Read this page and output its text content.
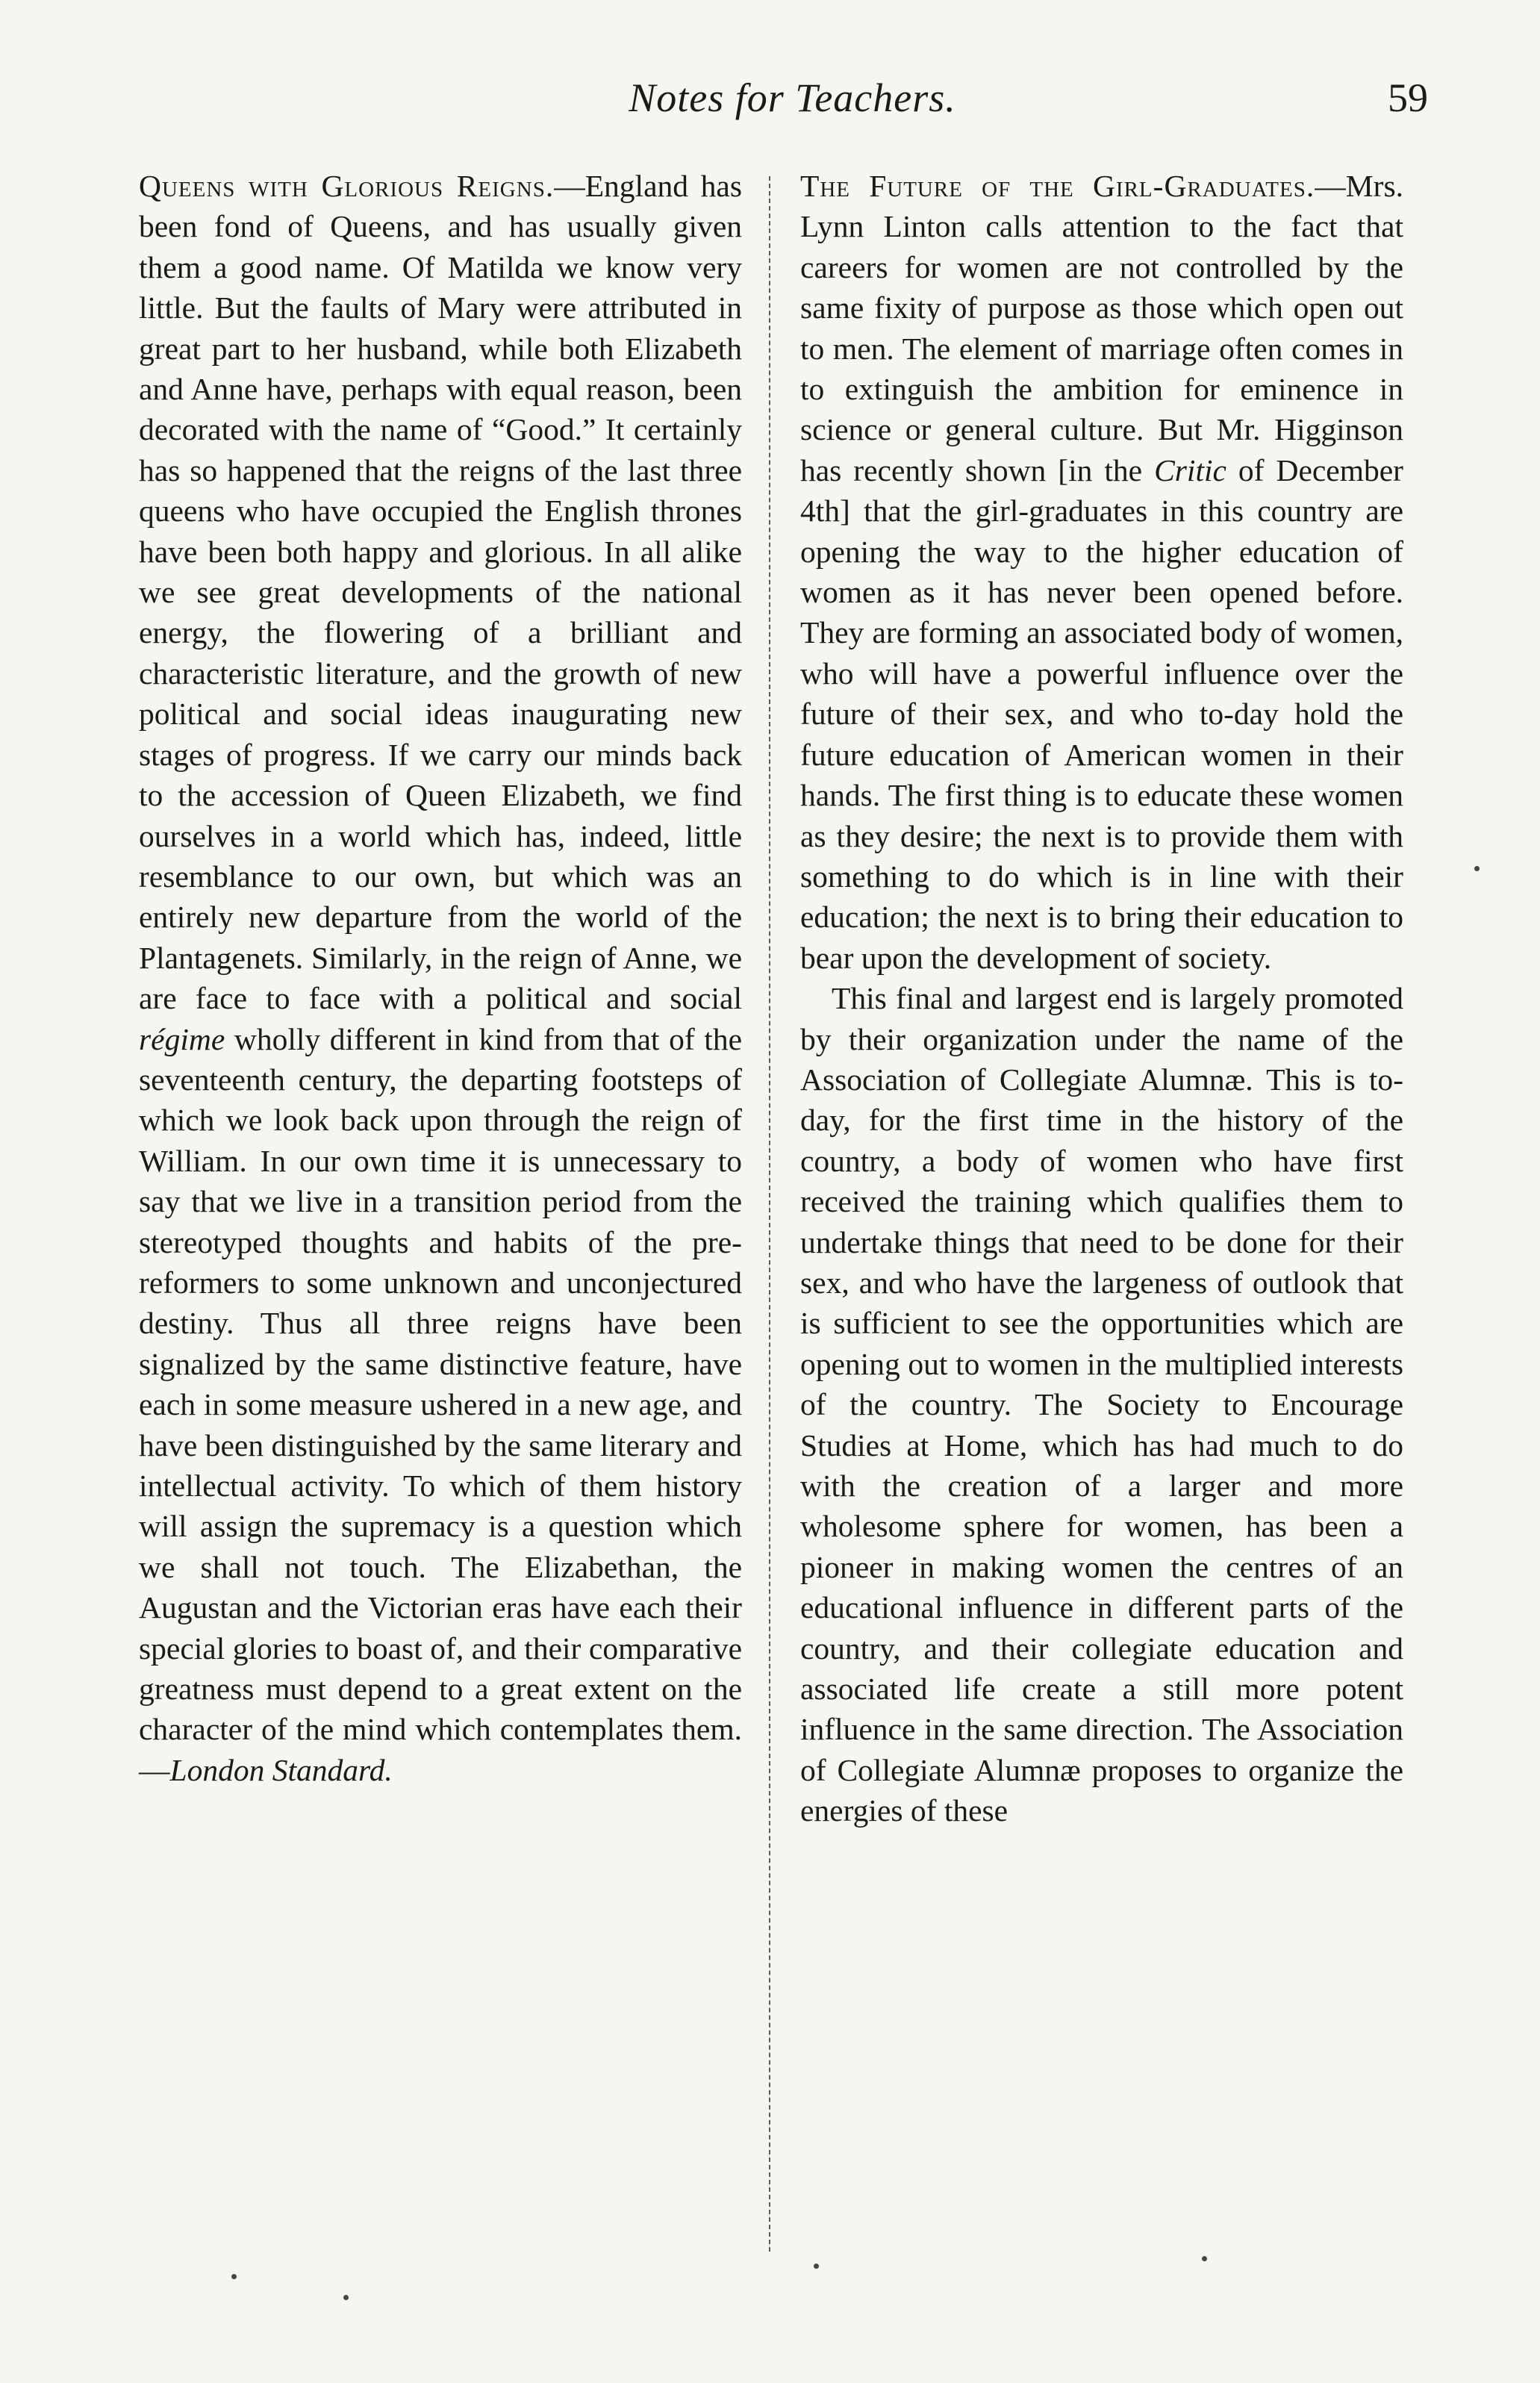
Notes for Teachers.	59

Queens with Glorious Reigns.—England has been fond of Queens, and has usually given them a good name. Of Matilda we know very little. But the faults of Mary were attributed in great part to her husband, while both Elizabeth and Anne have, perhaps with equal reason, been decorated with the name of “Good.” It certainly has so happened that the reigns of the last three queens who have occupied the English thrones have been both happy and glorious. In all alike we see great developments of the national energy, the flowering of a brilliant and characteristic literature, and the growth of new political and social ideas inaugurating new stages of progress. If we carry our minds back to the accession of Queen Elizabeth, we find ourselves in a world which has, indeed, little resemblance to our own, but which was an entirely new departure from the world of the Plantagenets. Similarly, in the reign of Anne, we are face to face with a political and social régime wholly different in kind from that of the seventeenth century, the departing footsteps of which we look back upon through the reign of William. In our own time it is unnecessary to say that we live in a transition period from the stereotyped thoughts and habits of the pre-reformers to some unknown and unconjectured destiny. Thus all three reigns have been signalized by the same distinctive feature, have each in some measure ushered in a new age, and have been distinguished by the same literary and intellectual activity. To which of them history will assign the supremacy is a question which we shall not touch. The Elizabethan, the Augustan and the Victorian eras have each their special glories to boast of, and their comparative greatness must depend to a great extent on the character of the mind which contemplates them.—London Standard.

The Future of the Girl-Graduates.—Mrs. Lynn Linton calls attention to the fact that careers for women are not controlled by the same fixity of purpose as those which open out to men. The element of marriage often comes in to extinguish the ambition for eminence in science or general culture. But Mr. Higginson has recently shown [in the Critic of December 4th] that the girl-graduates in this country are opening the way to the higher education of women as it has never been opened before. They are forming an associated body of women, who will have a powerful influence over the future of their sex, and who to-day hold the future education of American women in their hands. The first thing is to educate these women as they desire; the next is to provide them with something to do which is in line with their education; the next is to bring their education to bear upon the development of society.

This final and largest end is largely promoted by their organization under the name of the Association of Collegiate Alumnæ. This is to-day, for the first time in the history of the country, a body of women who have first received the training which qualifies them to undertake things that need to be done for their sex, and who have the largeness of outlook that is sufficient to see the opportunities which are opening out to women in the multiplied interests of the country. The Society to Encourage Studies at Home, which has had much to do with the creation of a larger and more wholesome sphere for women, has been a pioneer in making women the centres of an educational influence in different parts of the country, and their collegiate education and associated life create a still more potent influence in the same direction. The Association of Collegiate Alumnæ proposes to organize the energies of these
